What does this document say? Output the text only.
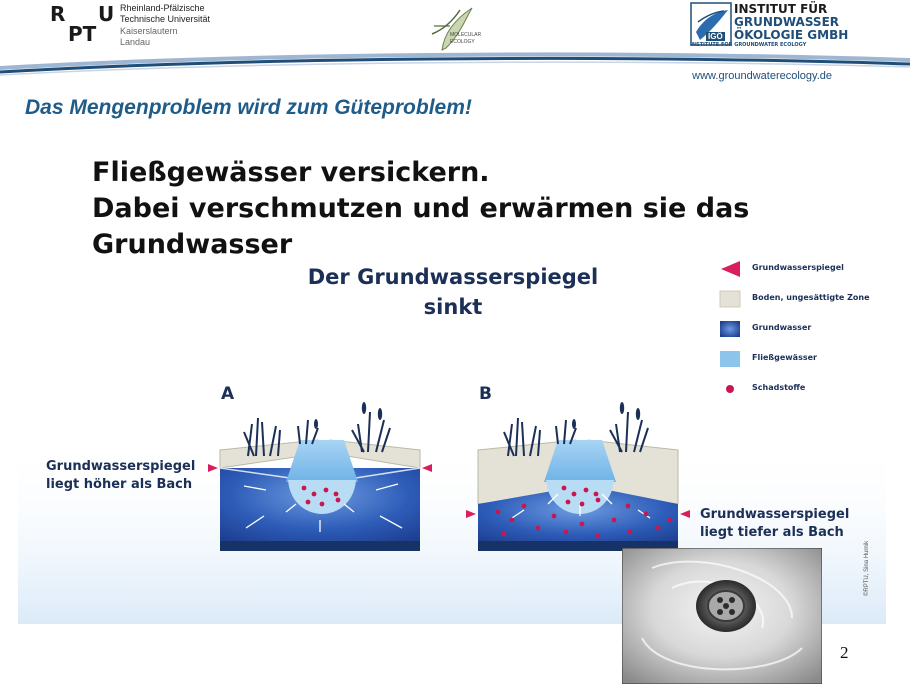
R U
PT
Rheinland-Pfälzische
Technische Universität
Kaiserslautern
Landau
MOLECULAR
ECOLOGY
IGÖ
INSTITUT FÜR
GRUNDWASSER
ÖKOLOGIE GMBH
INSTITUTE FOR GROUNDWATER ECOLOGY
www.groundwaterecology.de
Das Mengenproblem wird zum Güteproblem!
Fließgewässer versickern.
Dabei verschmutzen und erwärmen sie das
Grundwasser
Der Grundwasserspiegel
sinkt
A	B
Grundwasserspiegel
liegt höher als Bach
Grundwasserspiegel
liegt tiefer als Bach
Grundwasserspiegel
Boden, ungesättigte Zone
Grundwasser
Fließgewässer
Schadstoffe
©RPTU, Sina Hurnik
2
